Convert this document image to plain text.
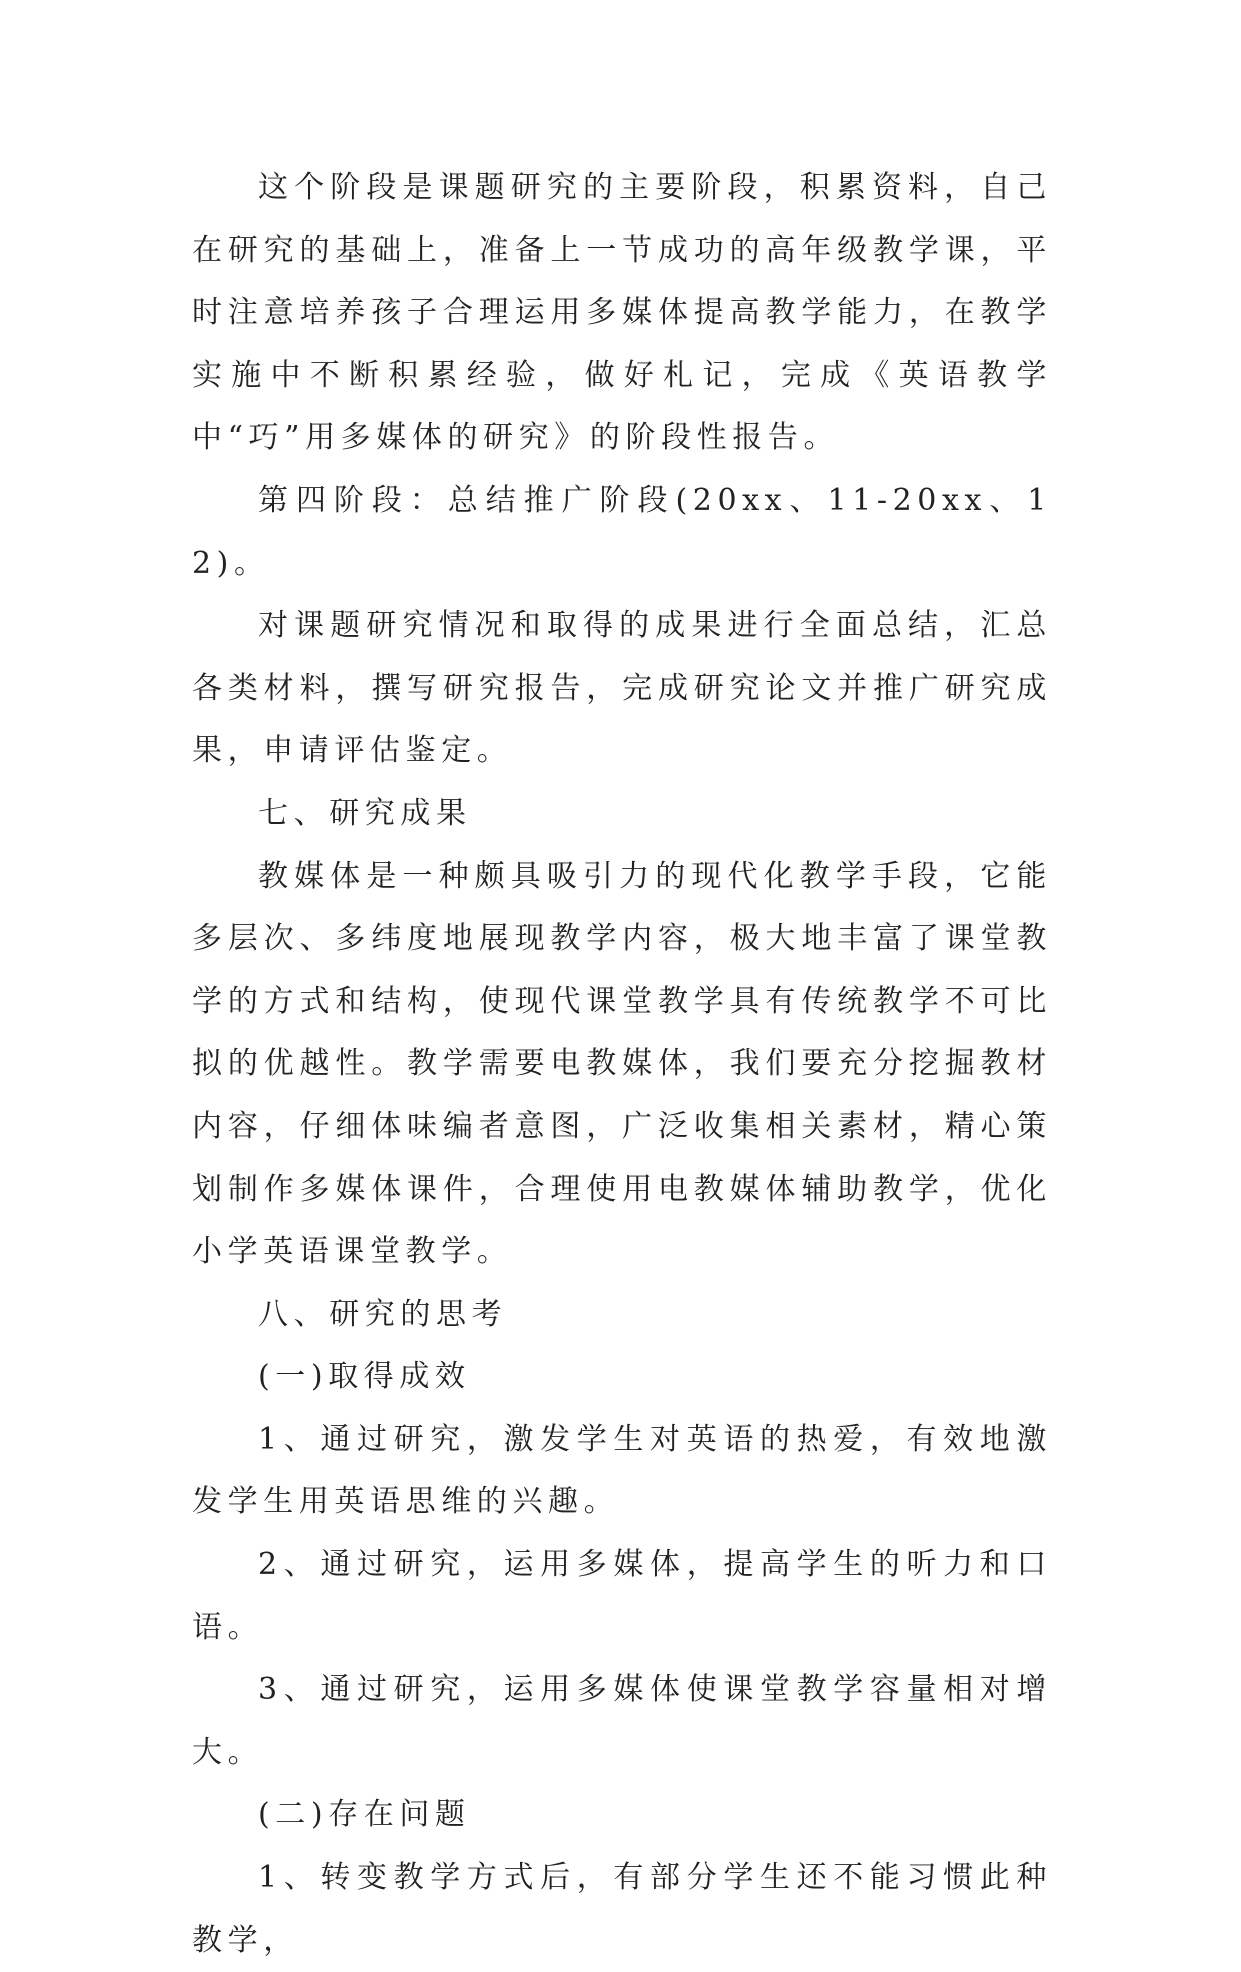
这个阶段是课题研究的主要阶段，积累资料，自己在研究的基础上，准备上一节成功的高年级教学课，平时注意培养孩子合理运用多媒体提高教学能力，在教学实施中不断积累经验，做好札记，完成《英语教学中“巧”用多媒体的研究》的阶段性报告。

第四阶段：总结推广阶段(20xx、11-20xx、12)。

对课题研究情况和取得的成果进行全面总结，汇总各类材料，撰写研究报告，完成研究论文并推广研究成果，申请评估鉴定。

七、研究成果

教媒体是一种颇具吸引力的现代化教学手段，它能多层次、多纬度地展现教学内容，极大地丰富了课堂教学的方式和结构，使现代课堂教学具有传统教学不可比拟的优越性。教学需要电教媒体，我们要充分挖掘教材内容，仔细体味编者意图，广泛收集相关素材，精心策划制作多媒体课件，合理使用电教媒体辅助教学，优化小学英语课堂教学。

八、研究的思考

(一)取得成效

1、通过研究，激发学生对英语的热爱，有效地激发学生用英语思维的兴趣。

2、通过研究，运用多媒体，提高学生的听力和口语。

3、通过研究，运用多媒体使课堂教学容量相对增大。

(二)存在问题

1、转变教学方式后，有部分学生还不能习惯此种教学，
